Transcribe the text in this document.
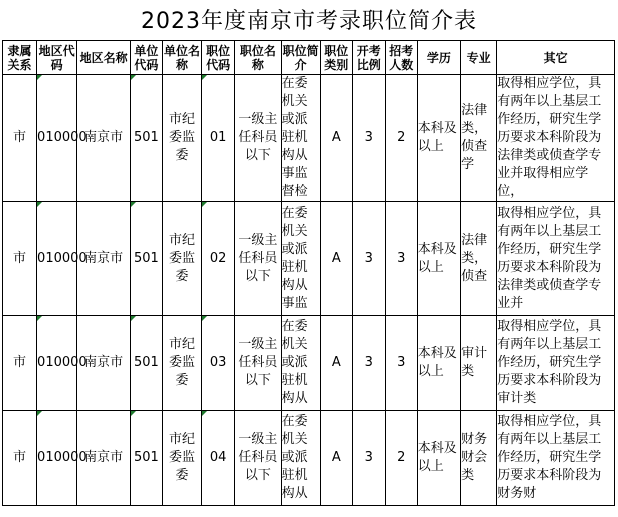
2023年度南京市考录职位简介表
隶属关系	地区代码	地区名称	单位代码	单位名称	职位代码	职位名称	职位简介	职位类别	开考比例	招考人数	学历	专业	其它
市	010000	南京市	501	市纪委监委	01	一级主任科员以下	在委机关或派驻机构从事监督检	A	3	2	本科及以上	法律类，侦查学	取得相应学位，具有两年以上基层工作经历，研究生学历要求本科阶段为法律类或侦查学专业并取得相应学位，
市	010000	南京市	501	市纪委监委	02	一级主任科员以下	在委机关或派驻机构从事监	A	3	3	本科及以上	法律类，侦查	取得相应学位，具有两年以上基层工作经历，研究生学历要求本科阶段为法律类或侦查学专业并
市	010000	南京市	501	市纪委监委	03	一级主任科员以下	在委机关或派驻机构从	A	3	3	本科及以上	审计类	取得相应学位，具有两年以上基层工作经历，研究生学历要求本科阶段为审计类
市	010000	南京市	501	市纪委监委	04	一级主任科员以下	在委机关或派驻机构从	A	3	2	本科及以上	财务财会类	取得相应学位，具有两年以上基层工作经历，研究生学历要求本科阶段为财务财
